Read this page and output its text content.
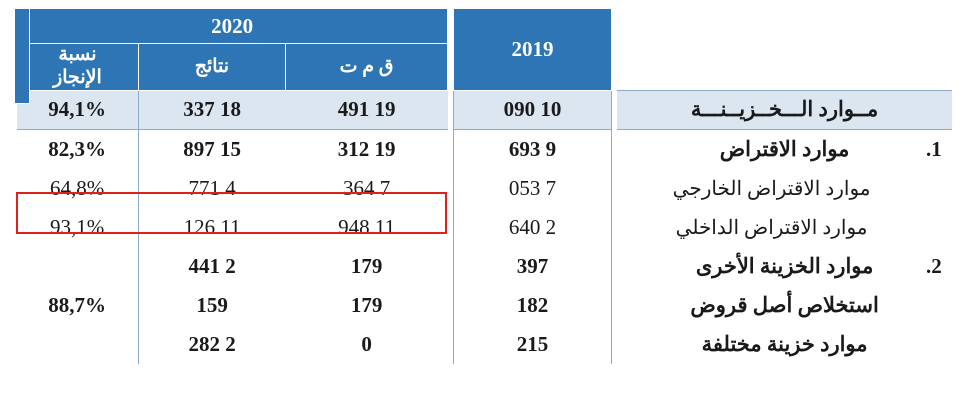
		2019		2020		
				ق م ت	نتائج	نسبة
الإنجاز

مــوارد الـــخــزيــنـــة		10 090		19 491	18 337	94,1%

1.
موارد الاقتراض		9 693		19 312	15 897	82,3%

موارد الاقتراض الخارجي		7 053		7 364	4 771	64,8%

موارد الاقتراض الداخلي		2 640		11 948	11 126	93,1%

2.
موارد الخزينة الأخرى		397		179	2 441	

استخلاص أصل قروض		182		179	159	88,7%

موارد خزينة مختلفة		215		0	2 282	
